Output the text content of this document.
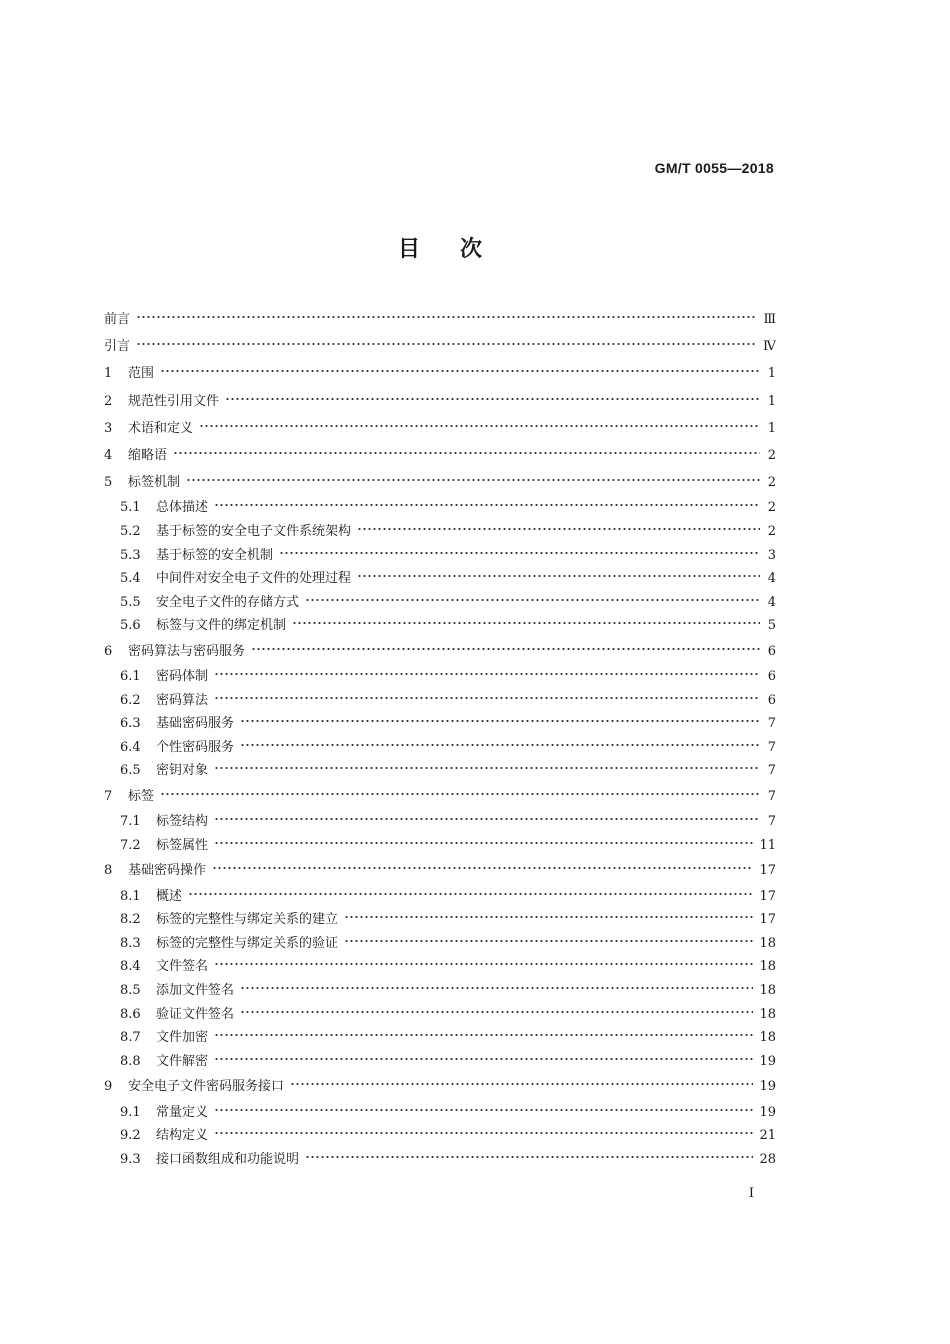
GM/T 0055—2018
目 次
前言	Ⅲ
引言	Ⅳ
1	范围	1
2	规范性引用文件	1
3	术语和定义	1
4	缩略语	2
5	标签机制	2
5.1	总体描述	2
5.2	基于标签的安全电子文件系统架构	2
5.3	基于标签的安全机制	3
5.4	中间件对安全电子文件的处理过程	4
5.5	安全电子文件的存储方式	4
5.6	标签与文件的绑定机制	5
6	密码算法与密码服务	6
6.1	密码体制	6
6.2	密码算法	6
6.3	基础密码服务	7
6.4	个性密码服务	7
6.5	密钥对象	7
7	标签	7
7.1	标签结构	7
7.2	标签属性	11
8	基础密码操作	17
8.1	概述	17
8.2	标签的完整性与绑定关系的建立	17
8.3	标签的完整性与绑定关系的验证	18
8.4	文件签名	18
8.5	添加文件签名	18
8.6	验证文件签名	18
8.7	文件加密	18
8.8	文件解密	19
9	安全电子文件密码服务接口	19
9.1	常量定义	19
9.2	结构定义	21
9.3	接口函数组成和功能说明	28
I
